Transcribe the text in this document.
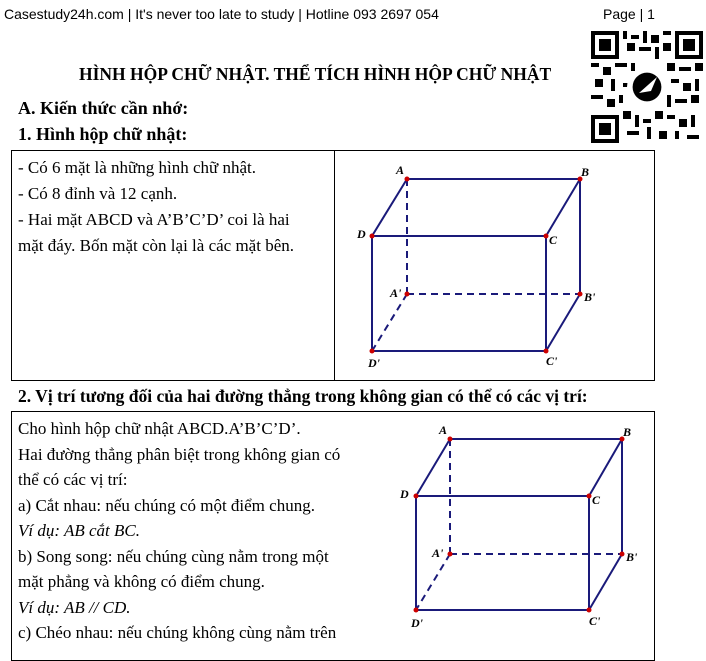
Casestudy24h.com | It's never too late to study | Hotline 093 2697 054	Page | 1
HÌNH HỘP CHỮ NHẬT. THỂ TÍCH HÌNH HỘP CHỮ NHẬT
A. Kiến thức cần nhớ:
1. Hình hộp chữ nhật:
- Có 6 mặt là những hình chữ nhật.
- Có 8 đỉnh và 12 cạnh.
- Hai mặt ABCD và A’B’C’D’ coi là hai
mặt đáy. Bốn mặt còn lại là các mặt bên.
A	B
C
D
A'	B'
C'
D'
2. Vị trí tương đối của hai đường thẳng trong không gian có thể có các vị trí:
Cho hình hộp chữ nhật ABCD.A’B’C’D’.
Hai đường thẳng phân biệt trong không gian có
thể có các vị trí:
a) Cắt nhau: nếu chúng có một điểm chung.
Ví dụ: AB cắt BC.
b) Song song: nếu chúng cùng nằm trong một
mặt phẳng và không có điểm chung.
Ví dụ: AB // CD.
c) Chéo nhau: nếu chúng không cùng nằm trên
A	B
C
D
A'	B'
C'
D'
